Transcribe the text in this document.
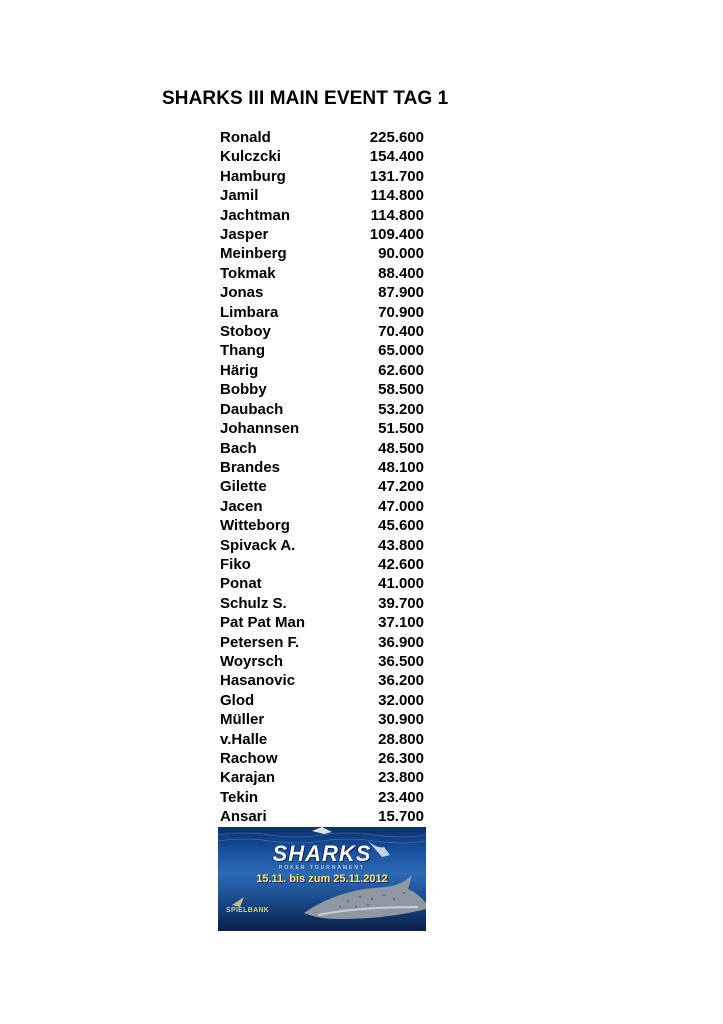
SHARKS III MAIN EVENT TAG 1
Ronald	225.600
Kulczcki	154.400
Hamburg	131.700
Jamil	114.800
Jachtman	114.800
Jasper	109.400
Meinberg	90.000
Tokmak	88.400
Jonas	87.900
Limbara	70.900
Stoboy	70.400
Thang	65.000
Härig	62.600
Bobby	58.500
Daubach	53.200
Johannsen	51.500
Bach	48.500
Brandes	48.100
Gilette	47.200
Jacen	47.000
Witteborg	45.600
Spivack A.	43.800
Fiko	42.600
Ponat	41.000
Schulz S.	39.700
Pat Pat Man	37.100
Petersen F.	36.900
Woyrsch	36.500
Hasanovic	36.200
Glod	32.000
Müller	30.900
v.Halle	28.800
Rachow	26.300
Karajan	23.800
Tekin	23.400
Ansari	15.700
SHARKS
POKER TOURNAMENT
15.11. bis zum 25.11.2012
SPIELBANK
